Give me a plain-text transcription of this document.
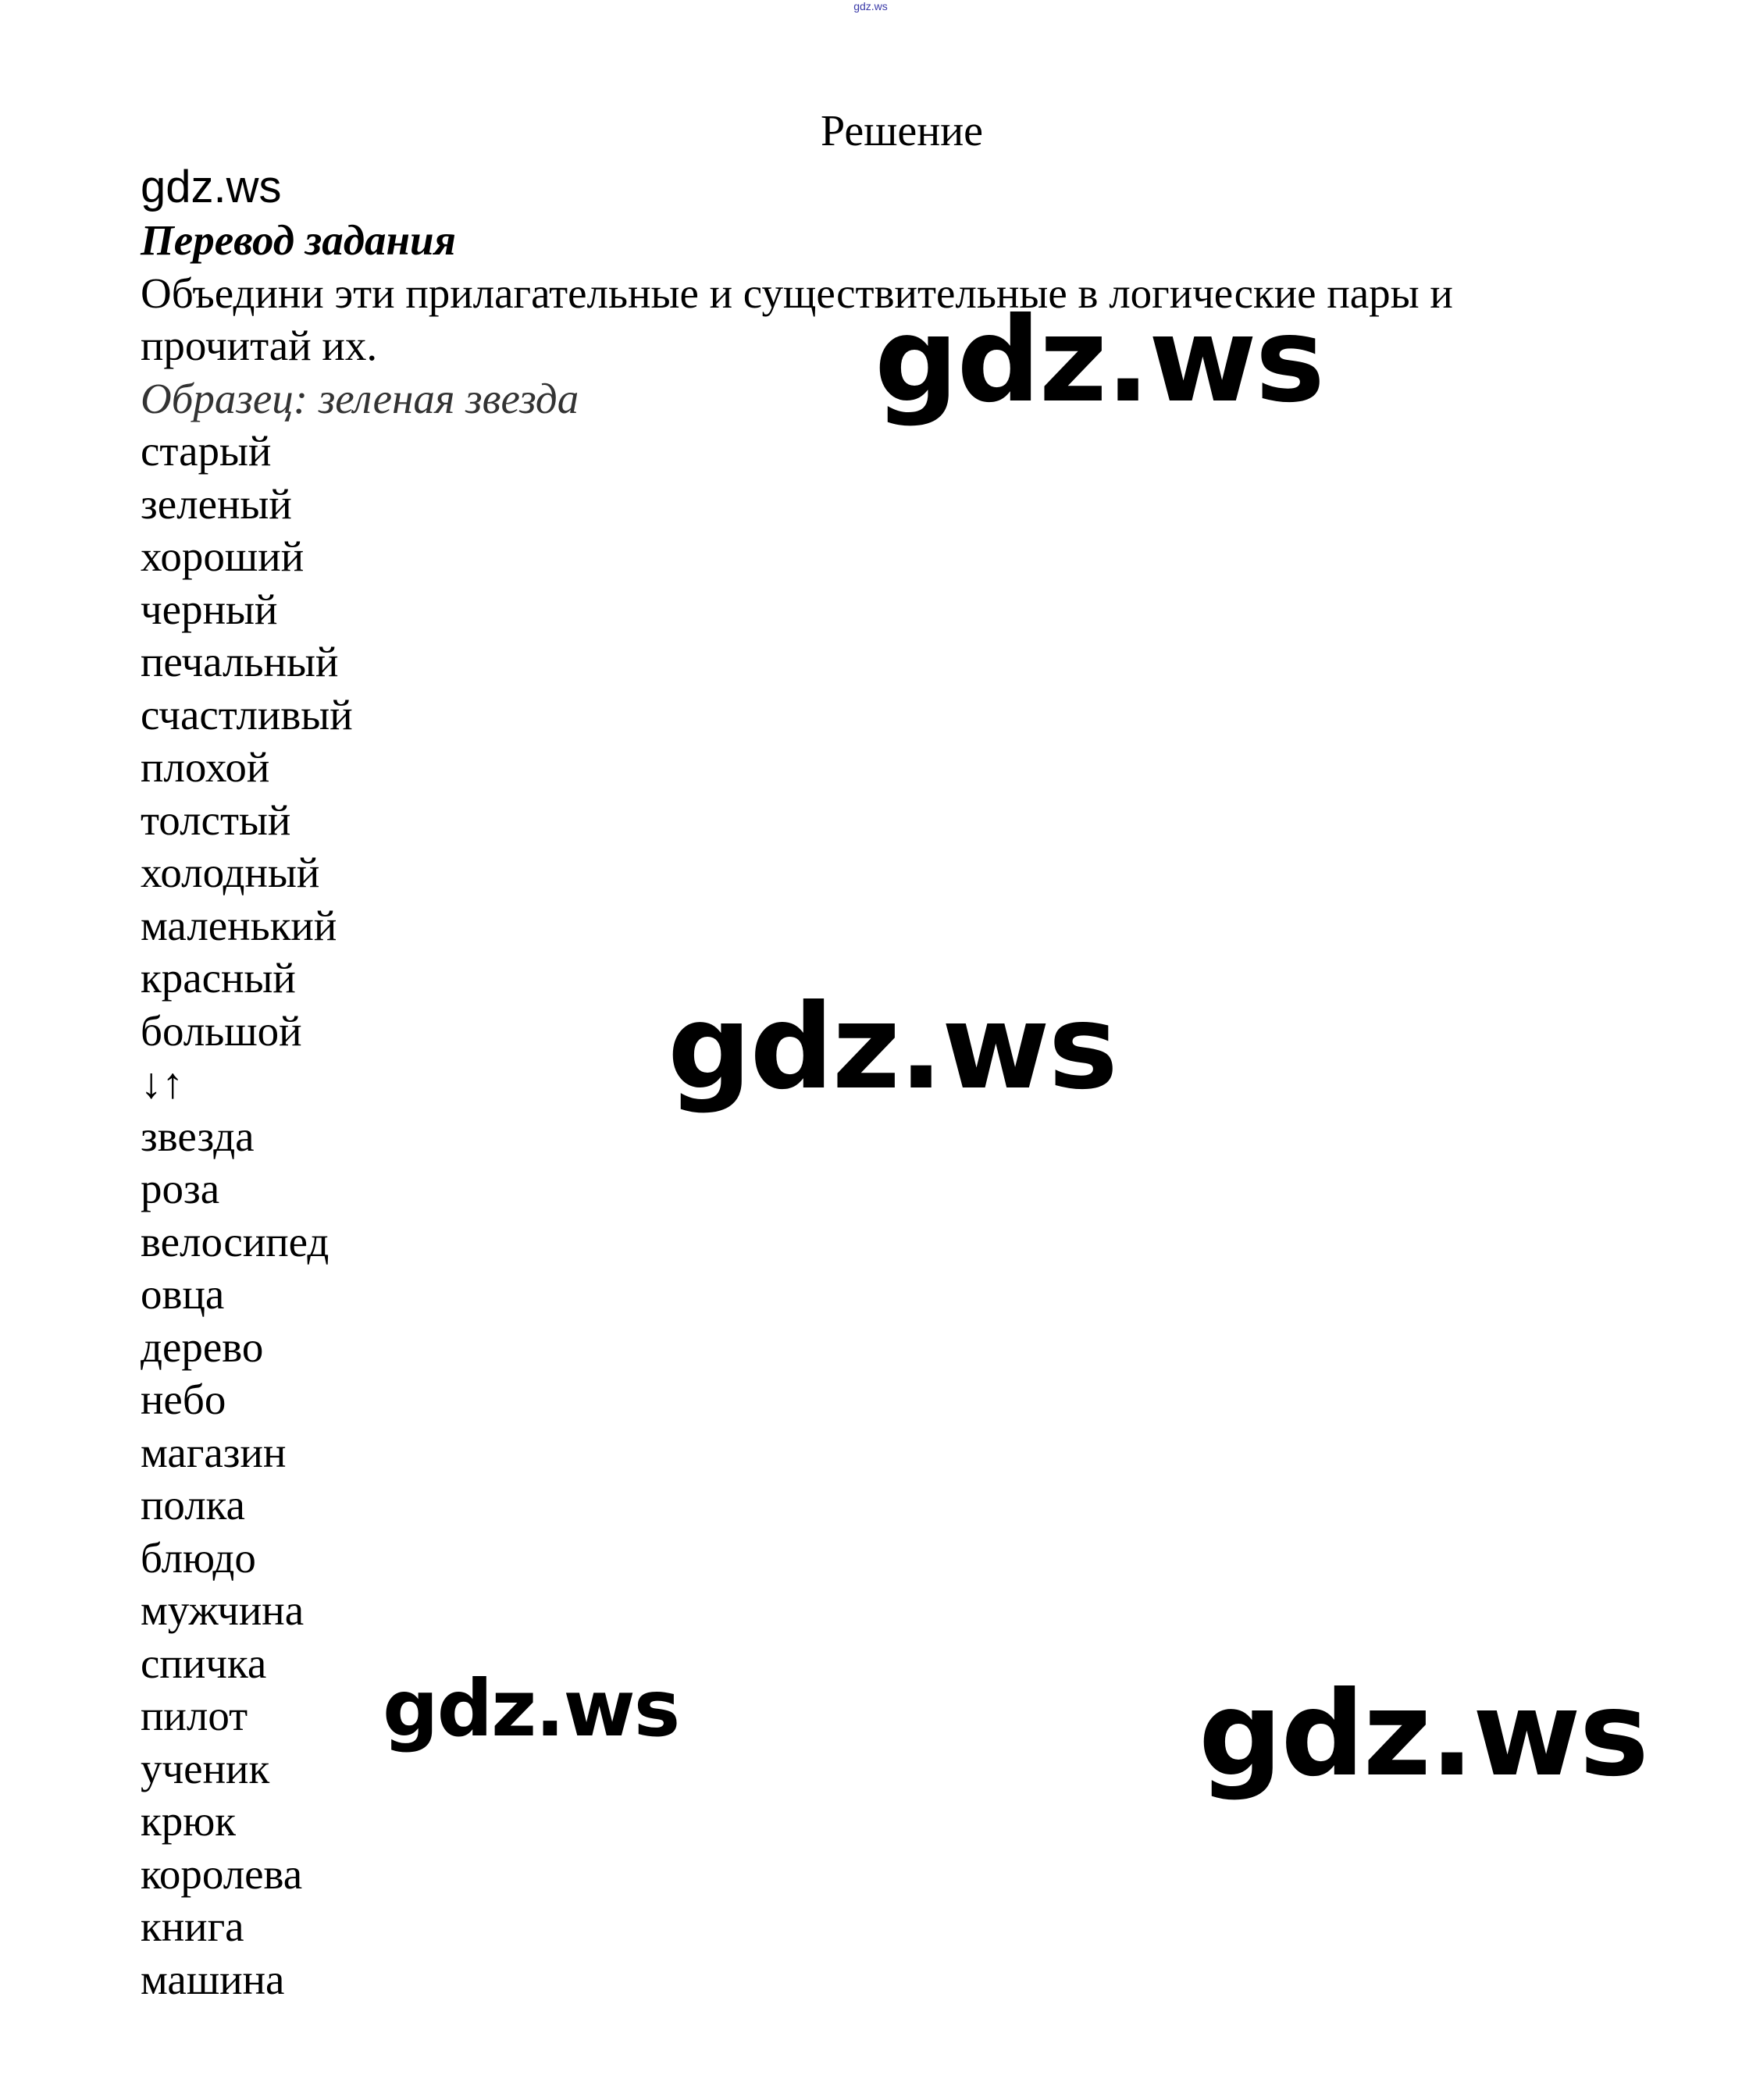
gdz.ws
Решение
gdz.ws
Перевод задания
Объедини эти прилагательные и существительные в логические пары и
прочитай их.
Образец: зеленая звезда
старый
зеленый
хороший
черный
печальный
счастливый
плохой
толстый
холодный
маленький
красный
большой
↓↑
звезда
роза
велосипед
овца
дерево
небо
магазин
полка
блюдо
мужчина
спичка
пилот
ученик
крюк
королева
книга
машина
gdz.ws
gdz.ws
gdz.ws	gdz.ws
